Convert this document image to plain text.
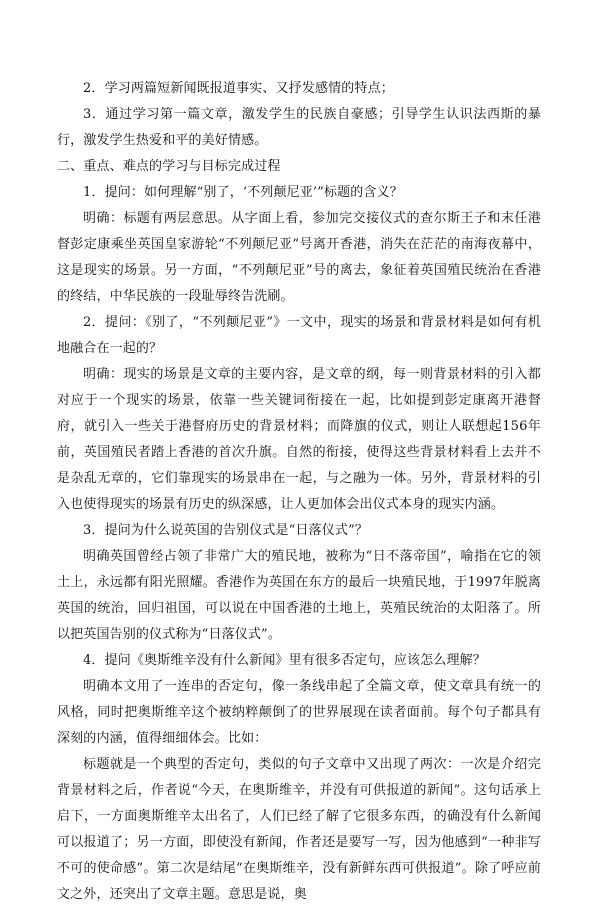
2．学习两篇短新闻既报道事实、又抒发感情的特点；

3．通过学习第一篇文章，激发学生的民族自豪感；引导学生认识法西斯的暴行，激发学生热爱和平的美好情感。

二、重点、难点的学习与目标完成过程

1．提问：如何理解“别了，‘不列颠尼亚’”标题的含义？

明确：标题有两层意思。从字面上看，参加完交接仪式的查尔斯王子和末任港督彭定康乘坐英国皇家游轮“不列颠尼亚”号离开香港，消失在茫茫的南海夜幕中，这是现实的场景。另一方面，“不列颠尼亚”号的离去，象征着英国殖民统治在香港的终结，中华民族的一段耻辱终告洗刷。

2．提问：《别了，“不列颠尼亚”》一文中，现实的场景和背景材料是如何有机地融合在一起的？

明确：现实的场景是文章的主要内容，是文章的纲，每一则背景材料的引入都对应于一个现实的场景，依靠一些关键词衔接在一起，比如提到彭定康离开港督府，就引入一些关于港督府历史的背景材料；而降旗的仪式，则让人联想起156年前，英国殖民者踏上香港的首次升旗。自然的衔接，使得这些背景材料看上去并不是杂乱无章的，它们靠现实的场景串在一起，与之融为一体。另外，背景材料的引入也使得现实的场景有历史的纵深感，让人更加体会出仪式本身的现实内涵。

3．提问为什么说英国的告别仪式是“日落仪式”？

明确英国曾经占领了非常广大的殖民地，被称为“日不落帝国”，喻指在它的领土上，永远都有阳光照耀。香港作为英国在东方的最后一块殖民地，于1997年脱离英国的统治，回归祖国，可以说在中国香港的土地上，英殖民统治的太阳落了。所以把英国告别的仪式称为“日落仪式”。

4．提问《奥斯维辛没有什么新闻》里有很多否定句，应该怎么理解？

明确本文用了一连串的否定句，像一条线串起了全篇文章，使文章具有统一的风格，同时把奥斯维辛这个被纳粹颠倒了的世界展现在读者面前。每个句子都具有深刻的内涵，值得细细体会。比如：

标题就是一个典型的否定句，类似的句子文章中又出现了两次：一次是介绍完背景材料之后，作者说“今天，在奥斯维辛，并没有可供报道的新闻”。这句话承上启下，一方面奥斯维辛太出名了，人们已经了解了它很多东西，的确没有什么新闻可以报道了；另一方面，即使没有新闻，作者还是要写一写，因为他感到“一种非写不可的使命感”。第二次是结尾“在奥斯维辛，没有新鲜东西可供报道”。除了呼应前文之外，还突出了文章主题。意思是说，奥
